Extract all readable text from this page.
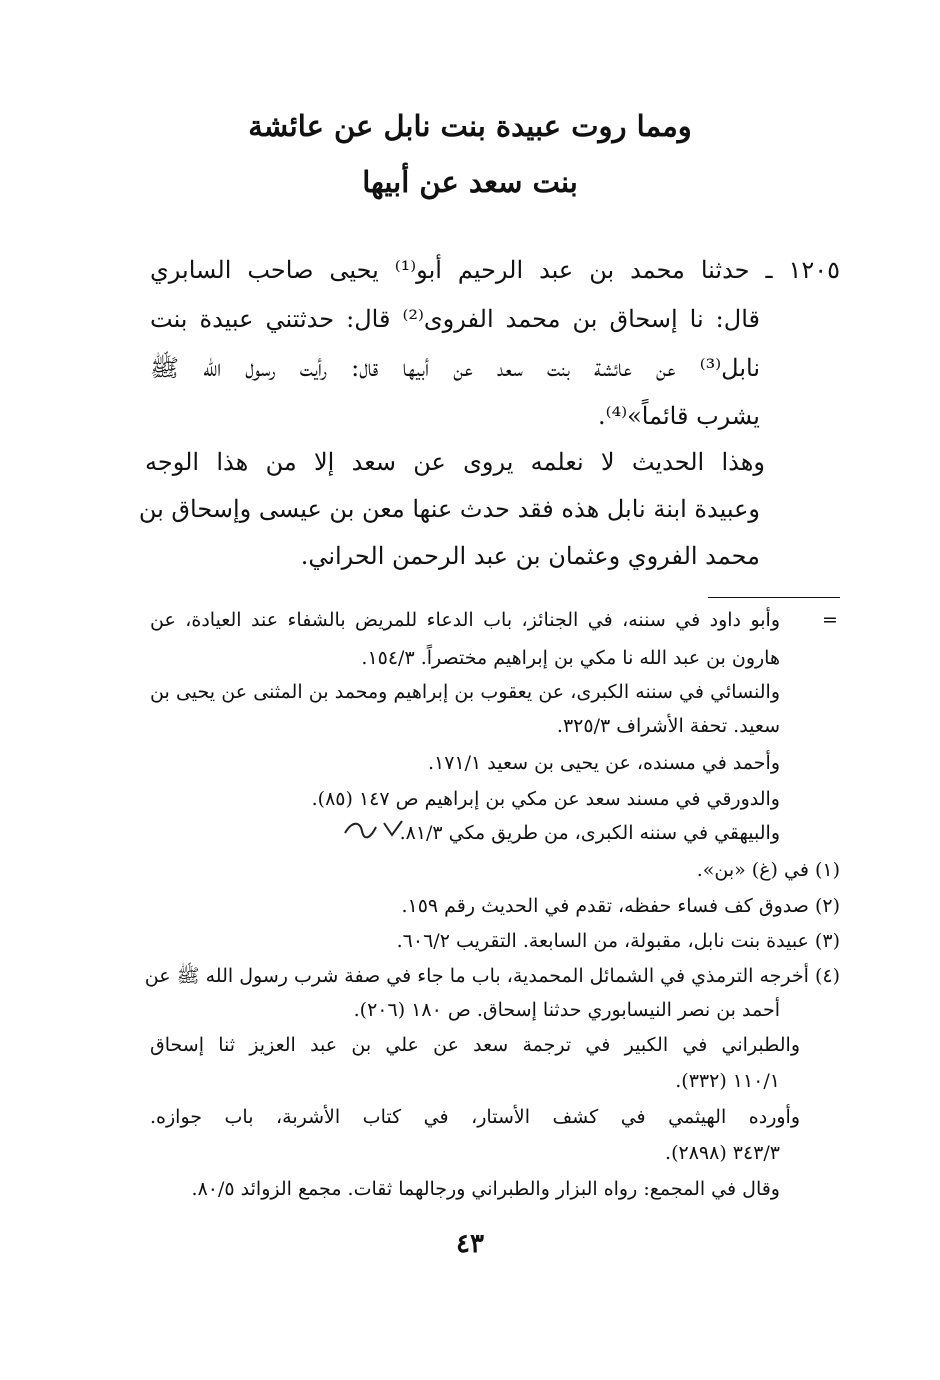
ومما روت عبيدة بنت نابل عن عائشة
بنت سعد عن أبيها
١٢٠٥ ـ حدثنا محمد بن عبد الرحيم أبو⁽¹⁾ يحيى صاحب السابري
قال: نا إسحاق بن محمد الفروى⁽²⁾ قال: حدثتني عبيدة بنت
نابل⁽³⁾ عن عائشة بنت سعد عن أبيها قال: رأيت رسول الله ﷺ
يشرب قائماً»⁽⁴⁾.
وهذا الحديث لا نعلمه يروى عن سعد إلا من هذا الوجه
وعبيدة ابنة نابل هذه فقد حدث عنها معن بن عيسى وإسحاق بن
محمد الفروي وعثمان بن عبد الرحمن الحراني.
=
وأبو داود في سننه، في الجنائز، باب الدعاء للمريض بالشفاء عند العيادة، عن
هارون بن عبد الله نا مكي بن إبراهيم مختصراً. ١٥٤/٣.
والنسائي في سننه الكبرى، عن يعقوب بن إبراهيم ومحمد بن المثنى عن يحيى بن
سعيد. تحفة الأشراف ٣٢٥/٣.
وأحمد في مسنده، عن يحيى بن سعيد ١٧١/١.
والدورقي في مسند سعد عن مكي بن إبراهيم ص ١٤٧ (٨٥).
والبيهقي في سننه الكبرى، من طريق مكي ٨١/٣.
(١) في (غ) «بن».
(٢) صدوق كف فساء حفظه، تقدم في الحديث رقم ١٥٩.
(٣) عبيدة بنت نابل، مقبولة، من السابعة. التقريب ٦٠٦/٢.
(٤) أخرجه الترمذي في الشمائل المحمدية، باب ما جاء في صفة شرب رسول الله ﷺ عن
أحمد بن نصر النيسابوري حدثنا إسحاق. ص ١٨٠ (٢٠٦).
والطبراني في الكبير في ترجمة سعد عن علي بن عبد العزيز ثنا إسحاق
١١٠/١ (٣٣٢).
وأورده الهيثمي في كشف الأستار، في كتاب الأشربة، باب جوازه.
٣٤٣/٣ (٢٨٩٨).
وقال في المجمع: رواه البزار والطبراني ورجالهما ثقات. مجمع الزوائد ٨٠/٥.
٤٣
